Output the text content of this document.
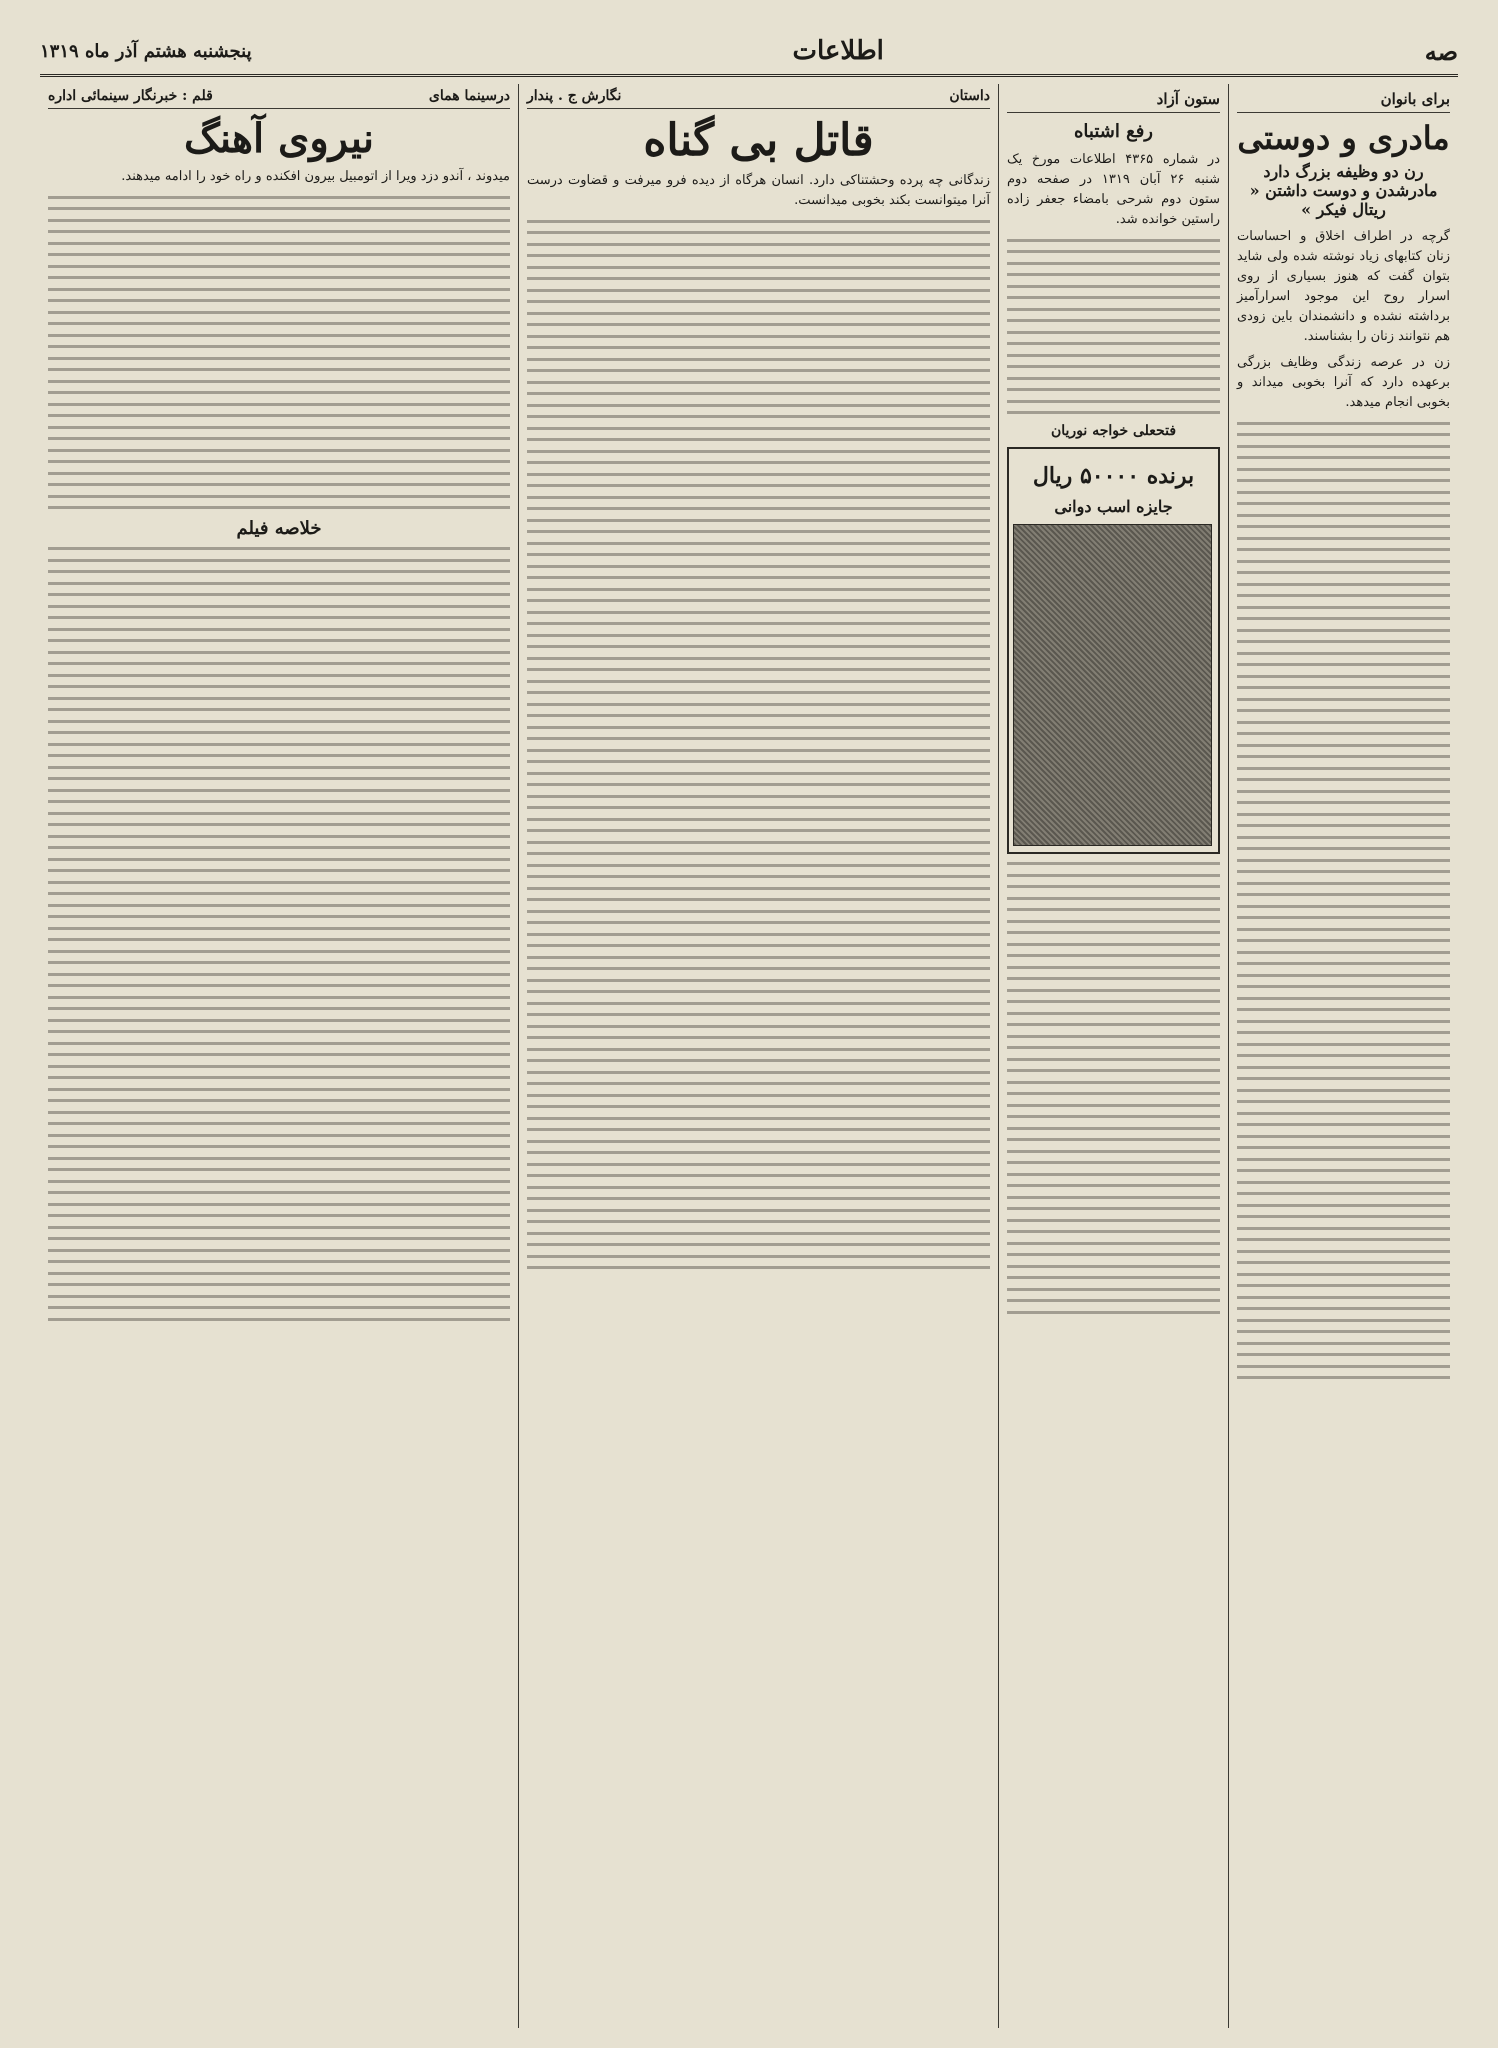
صه
اطلاعات
پنجشنبه هشتم آذر ماه ۱۳۱۹
برای بانوان
مادری و دوستی
رن دو وظیفه بزرگ دارد مادرشدن و دوست داشتن « ریتال فیکر »

گرچه در اطراف اخلاق و احساسات زنان کتابهای زیاد نوشته شده ولی شاید بتوان گفت که هنوز بسیاری از روی اسرار روح این موجود اسرارآمیز برداشته نشده و دانشمندان باین زودی هم نتوانند زنان را بشناسند.

زن در عرصه زندگی وظایف بزرگی برعهده دارد که آنرا بخوبی میداند و بخوبی انجام میدهد.

ستون آزاد
رفع اشتباه

در شماره ۴۳۶۵ اطلاعات مورخ یک شنبه ۲۶ آبان ۱۳۱۹ در صفحه دوم ستون دوم شرحی بامضاء جعفر زاده راستین خوانده شد.

فتحعلی خواجه نوریان
برنده ۵۰۰۰۰ ریال
جایزه اسب دوانی
داستان
نگارش ج . پندار
قاتل بی گناه

زندگانی چه پرده وحشتناکی دارد. انسان هرگاه از دیده فرو میرفت و قضاوت درست آنرا میتوانست بکند بخوبی میدانست.

درسینما همای
قلم : خبرنگار سینمائی اداره
نیروی آهنگ

میدوند ، آندو دزد ویرا از اتومبیل بیرون افکنده و راه خود را ادامه میدهند.

خلاصه فیلم
